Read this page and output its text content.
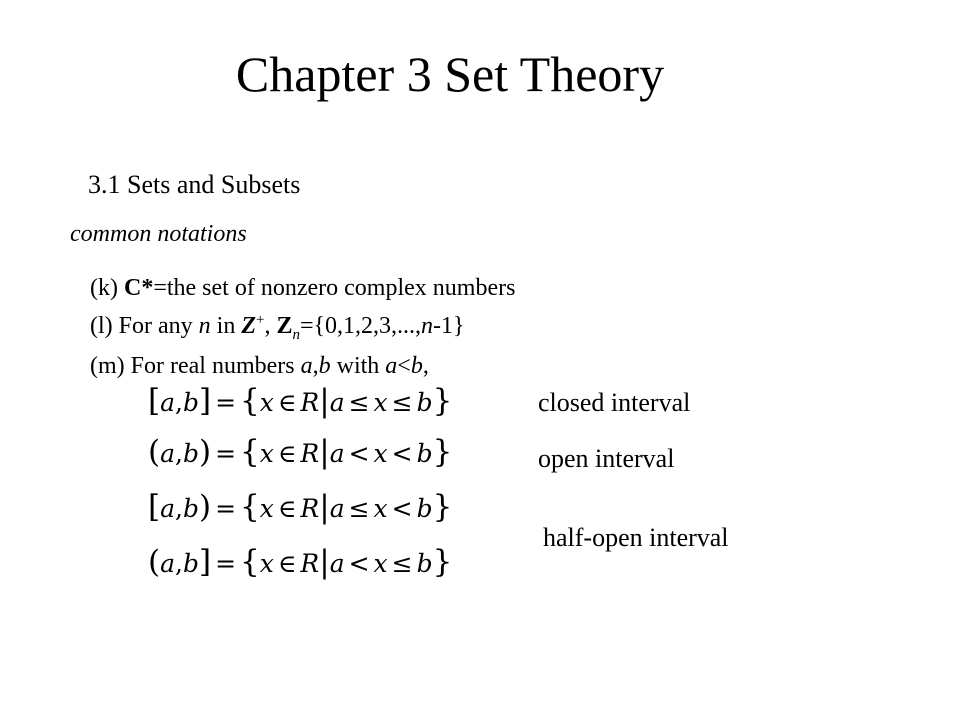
Chapter 3 Set Theory
3.1 Sets and Subsets
common notations
(k) C*=the set of nonzero complex numbers
(l) For any n in Z+, $Z_n=\{0,1,2,3,...,n-1\}$
(m) For real numbers a,b with a<b,
[a,b] = {x ∈ R|a ≤ x ≤ b}
(a,b) = {x ∈ R|a < x < b}
[a,b) = {x ∈ R|a ≤ x < b}
(a,b] = {x ∈ R|a < x ≤ b}
closed interval
open interval
half-open interval
